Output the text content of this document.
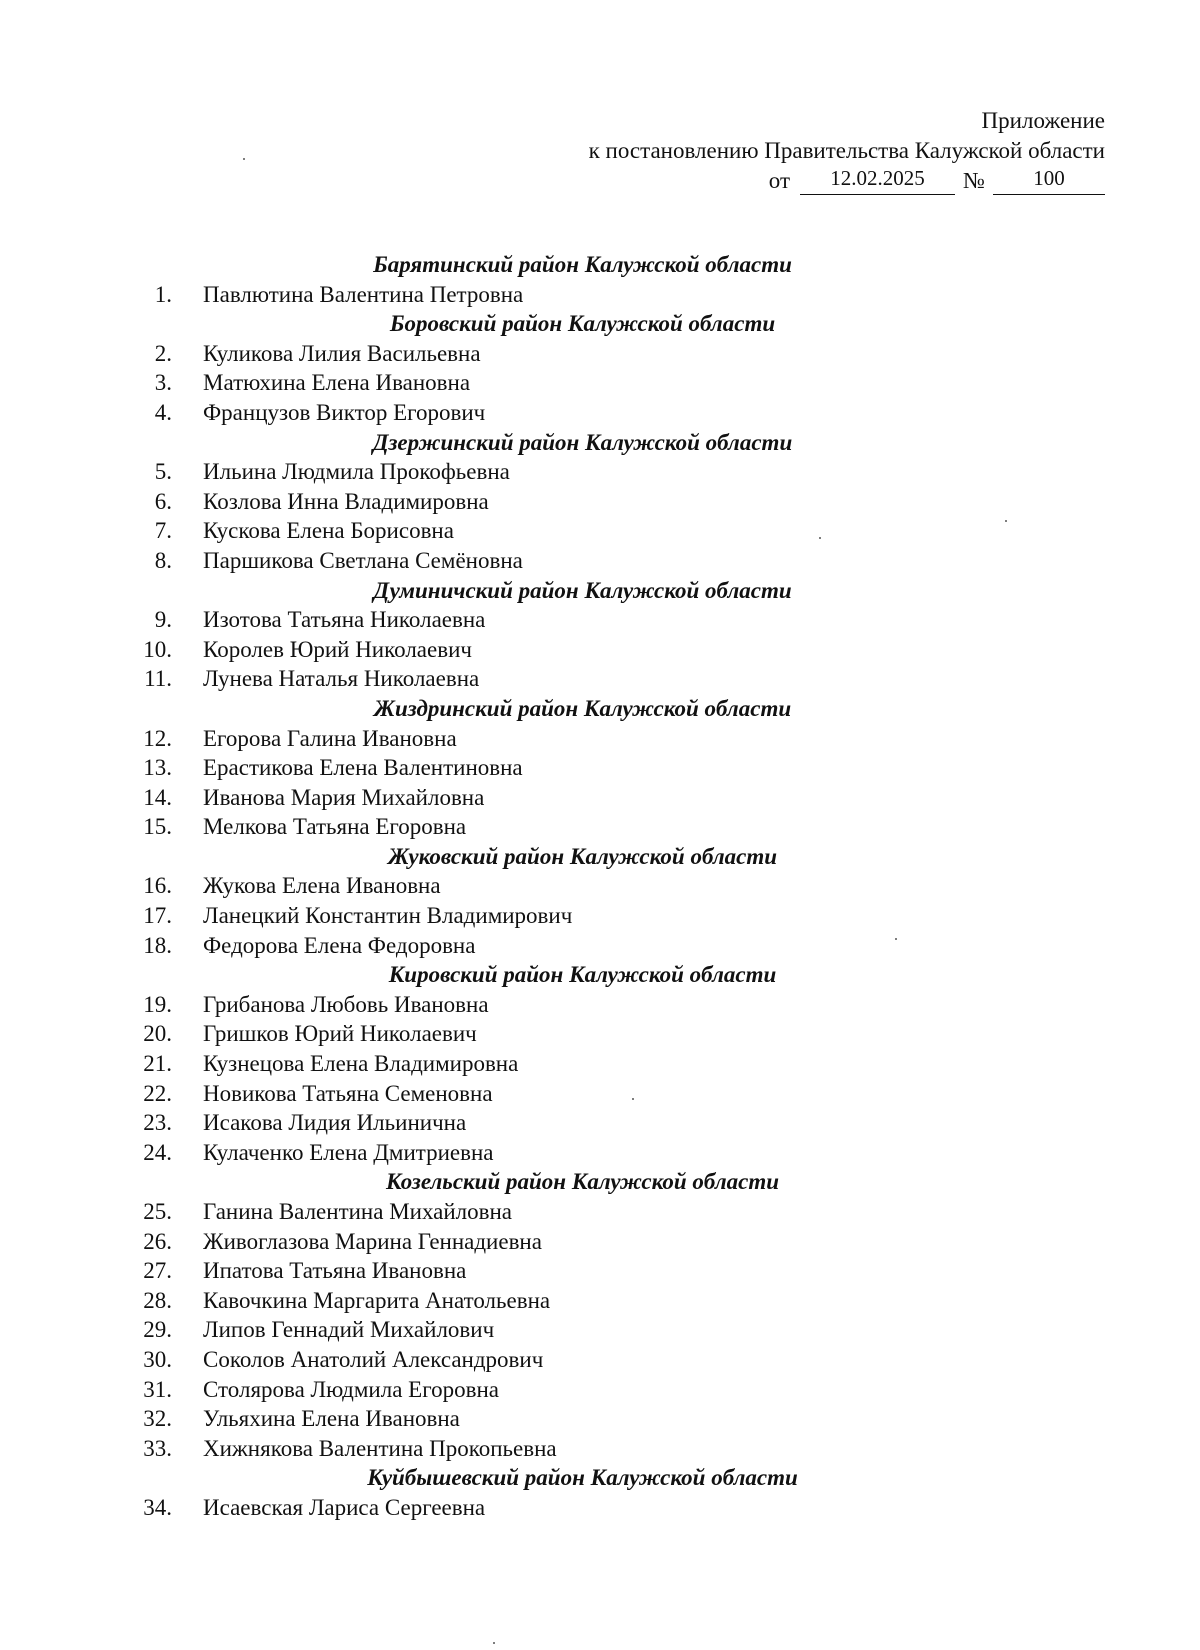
Приложение
к постановлению Правительства Калужской области
от	12.02.2025	№	100
Барятинский район Калужской области
1. Павлютина Валентина Петровна
Боровский район Калужской области
2. Куликова Лилия Васильевна
3. Матюхина Елена Ивановна
4. Французов Виктор Егорович
Дзержинский район Калужской области
5. Ильина Людмила Прокофьевна
6. Козлова Инна Владимировна
7. Кускова Елена Борисовна
8. Паршикова Светлана Семёновна
Думиничский район Калужской области
9. Изотова Татьяна Николаевна
10. Королев Юрий Николаевич
11. Лунева Наталья Николаевна
Жиздринский район Калужской области
12. Егорова Галина Ивановна
13. Ерастикова Елена Валентиновна
14. Иванова Мария Михайловна
15. Мелкова Татьяна Егоровна
Жуковский район Калужской области
16. Жукова Елена Ивановна
17. Ланецкий Константин Владимирович
18. Федорова Елена Федоровна
Кировский район Калужской области
19. Грибанова Любовь Ивановна
20. Гришков Юрий Николаевич
21. Кузнецова Елена Владимировна
22. Новикова Татьяна Семеновна
23. Исакова Лидия Ильинична
24. Кулаченко Елена Дмитриевна
Козельский район Калужской области
25. Ганина Валентина Михайловна
26. Живоглазова Марина Геннадиевна
27. Ипатова Татьяна Ивановна
28. Кавочкина Маргарита Анатольевна
29. Липов Геннадий Михайлович
30. Соколов Анатолий Александрович
31. Столярова Людмила Егоровна
32. Ульяхина Елена Ивановна
33. Хижнякова Валентина Прокопьевна
Куйбышевский район Калужской области
34. Исаевская Лариса Сергеевна
